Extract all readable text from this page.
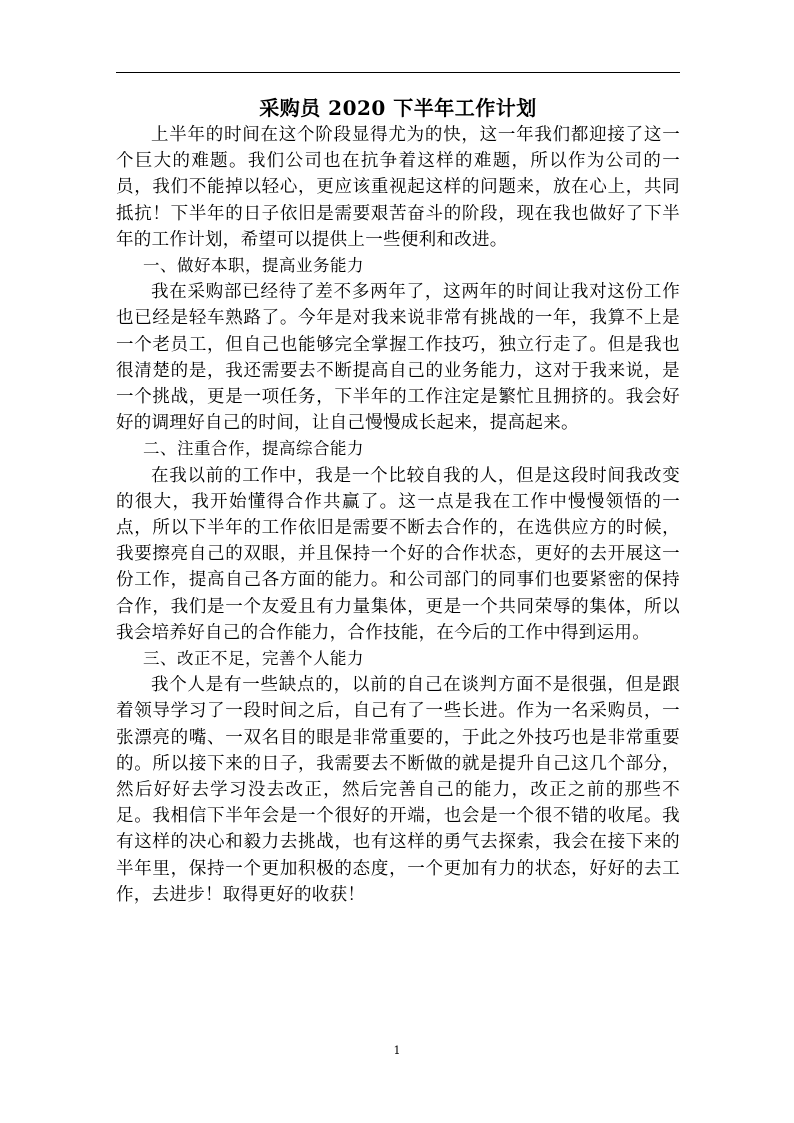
采购员 2020 下半年工作计划

上半年的时间在这个阶段显得尤为的快，这一年我们都迎接了这一个巨大的难题。我们公司也在抗争着这样的难题，所以作为公司的一员，我们不能掉以轻心，更应该重视起这样的问题来，放在心上，共同抵抗！下半年的日子依旧是需要艰苦奋斗的阶段，现在我也做好了下半年的工作计划，希望可以提供上一些便利和改进。

一、做好本职，提高业务能力

我在采购部已经待了差不多两年了，这两年的时间让我对这份工作也已经是轻车熟路了。今年是对我来说非常有挑战的一年，我算不上是一个老员工，但自己也能够完全掌握工作技巧，独立行走了。但是我也很清楚的是，我还需要去不断提高自己的业务能力，这对于我来说，是一个挑战，更是一项任务，下半年的工作注定是繁忙且拥挤的。我会好好的调理好自己的时间，让自己慢慢成长起来，提高起来。

二、注重合作，提高综合能力

在我以前的工作中，我是一个比较自我的人，但是这段时间我改变的很大，我开始懂得合作共赢了。这一点是我在工作中慢慢领悟的一点，所以下半年的工作依旧是需要不断去合作的，在选供应方的时候，我要擦亮自己的双眼，并且保持一个好的合作状态，更好的去开展这一份工作，提高自己各方面的能力。和公司部门的同事们也要紧密的保持合作，我们是一个友爱且有力量集体，更是一个共同荣辱的集体，所以我会培养好自己的合作能力，合作技能，在今后的工作中得到运用。

三、改正不足，完善个人能力

我个人是有一些缺点的，以前的自己在谈判方面不是很强，但是跟着领导学习了一段时间之后，自己有了一些长进。作为一名采购员，一张漂亮的嘴、一双名目的眼是非常重要的，于此之外技巧也是非常重要的。所以接下来的日子，我需要去不断做的就是提升自己这几个部分，然后好好去学习没去改正，然后完善自己的能力，改正之前的那些不足。我相信下半年会是一个很好的开端，也会是一个很不错的收尾。我有这样的决心和毅力去挑战，也有这样的勇气去探索，我会在接下来的半年里，保持一个更加积极的态度，一个更加有力的状态，好好的去工作，去进步！取得更好的收获！

1
